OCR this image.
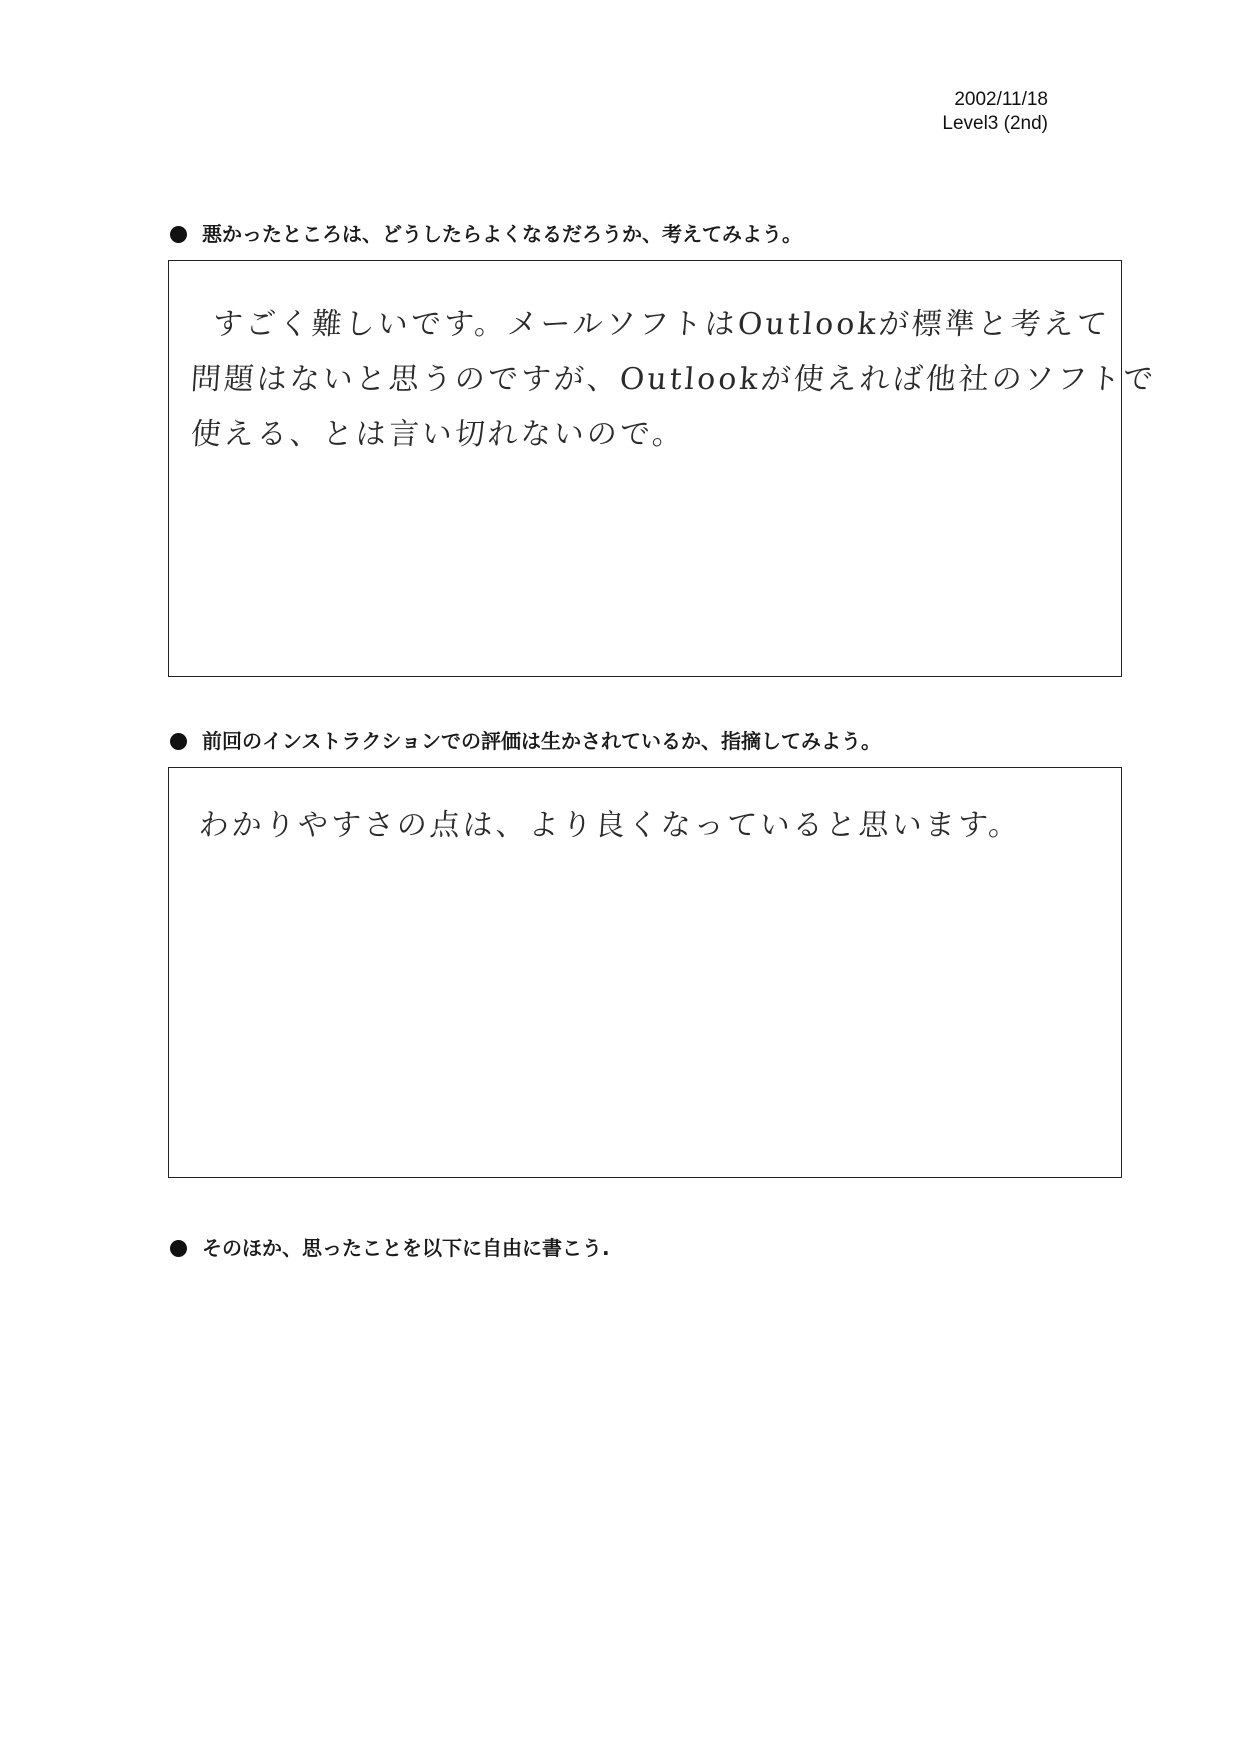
2002/11/18
Level3 (2nd)
悪かったところは、どうしたらよくなるだろうか、考えてみよう。
すごく難しいです。メールソフトはOutlookが標準と考えて
問題はないと思うのですが、Outlookが使えれば他社のソフトで
使える、とは言い切れないので。
前回のインストラクションでの評価は生かされているか、指摘してみよう。
わかりやすさの点は、より良くなっていると思います。
そのほか、思ったことを以下に自由に書こう.
